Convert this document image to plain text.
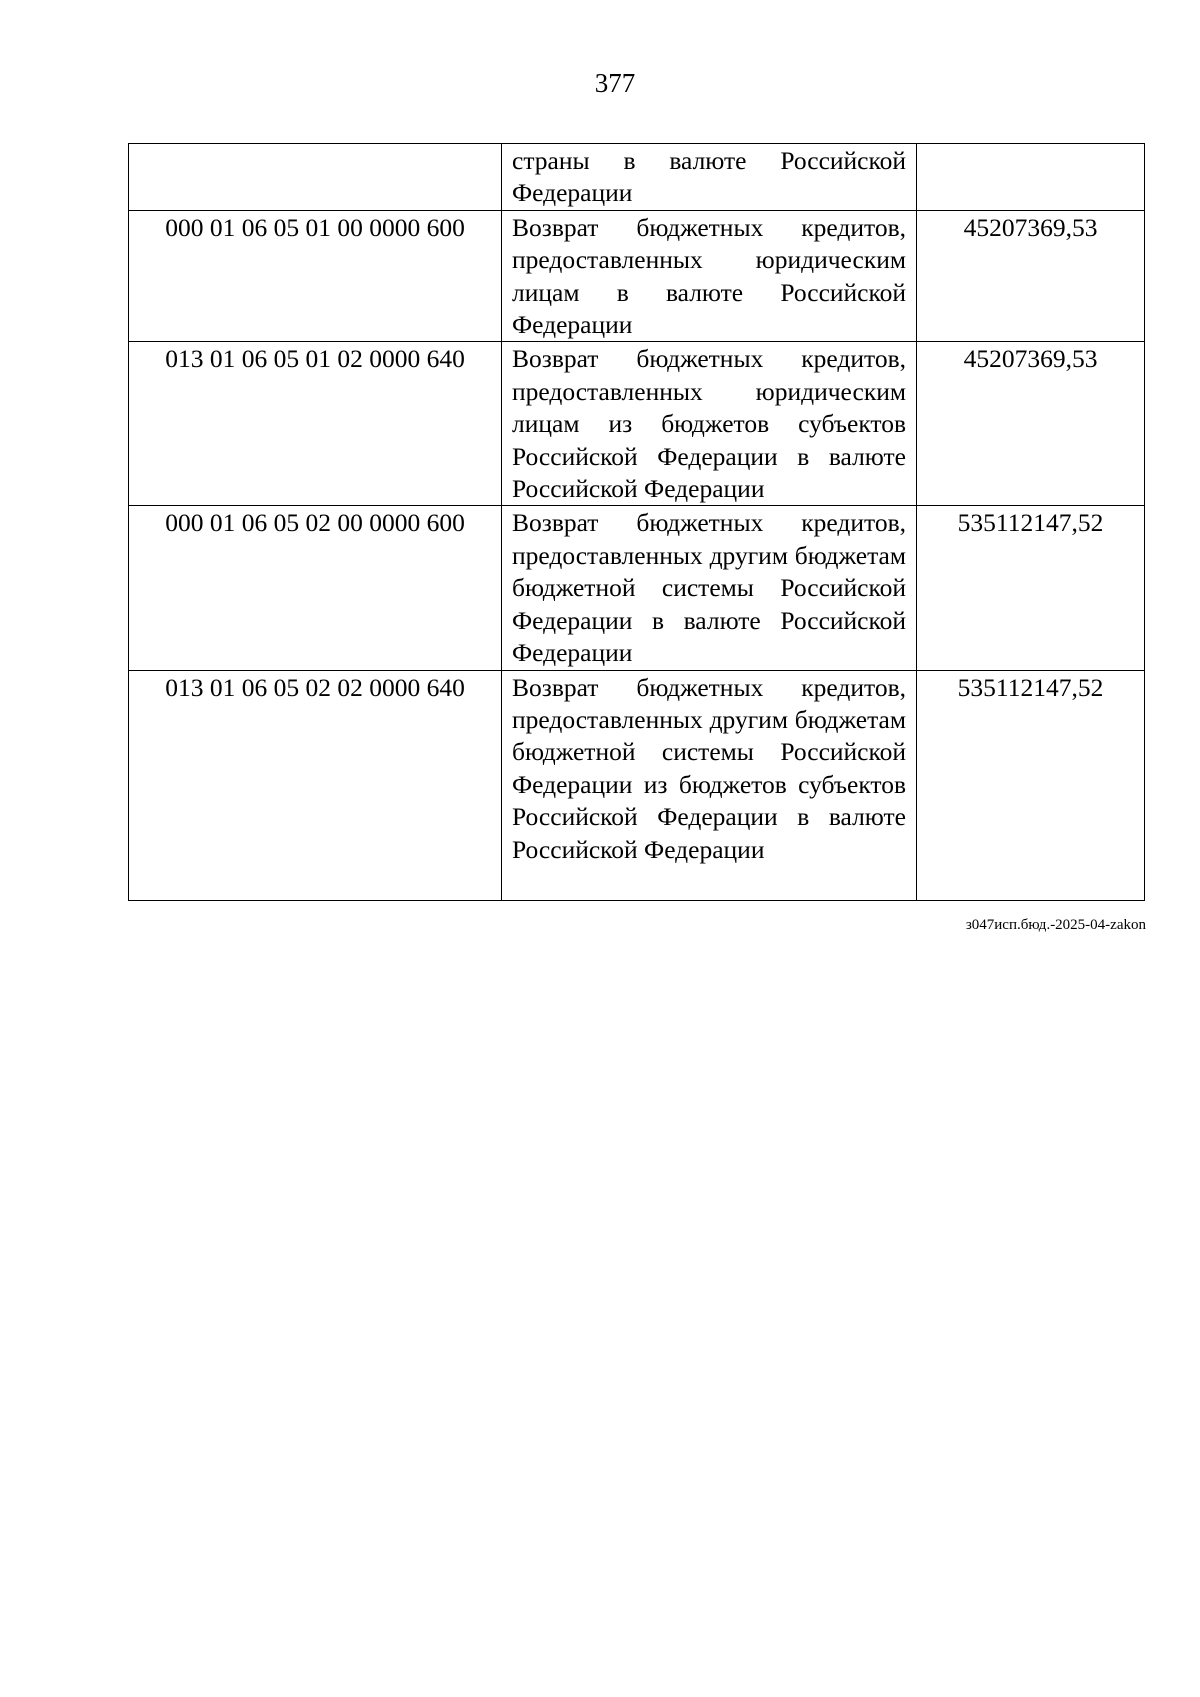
377
	страны в валюте Российской Федерации	
000 01 06 05 01 00 0000 600	Возврат бюджетных кредитов, предоставленных юридическим лицам в валюте Российской Федерации	45207369,53
013 01 06 05 01 02 0000 640	Возврат бюджетных кредитов, предоставленных юридическим лицам из бюджетов субъектов Российской Федерации в валюте Российской Федерации	45207369,53
000 01 06 05 02 00 0000 600	Возврат бюджетных кредитов, предоставленных другим бюджетам бюджетной системы Российской Федерации в валюте Российской Федерации	535112147,52
013 01 06 05 02 02 0000 640	Возврат бюджетных кредитов, предоставленных другим бюджетам бюджетной системы Российской Федерации из бюджетов субъектов Российской Федерации в валюте Российской Федерации	535112147,52
з047исп.бюд.-2025-04-zakon
